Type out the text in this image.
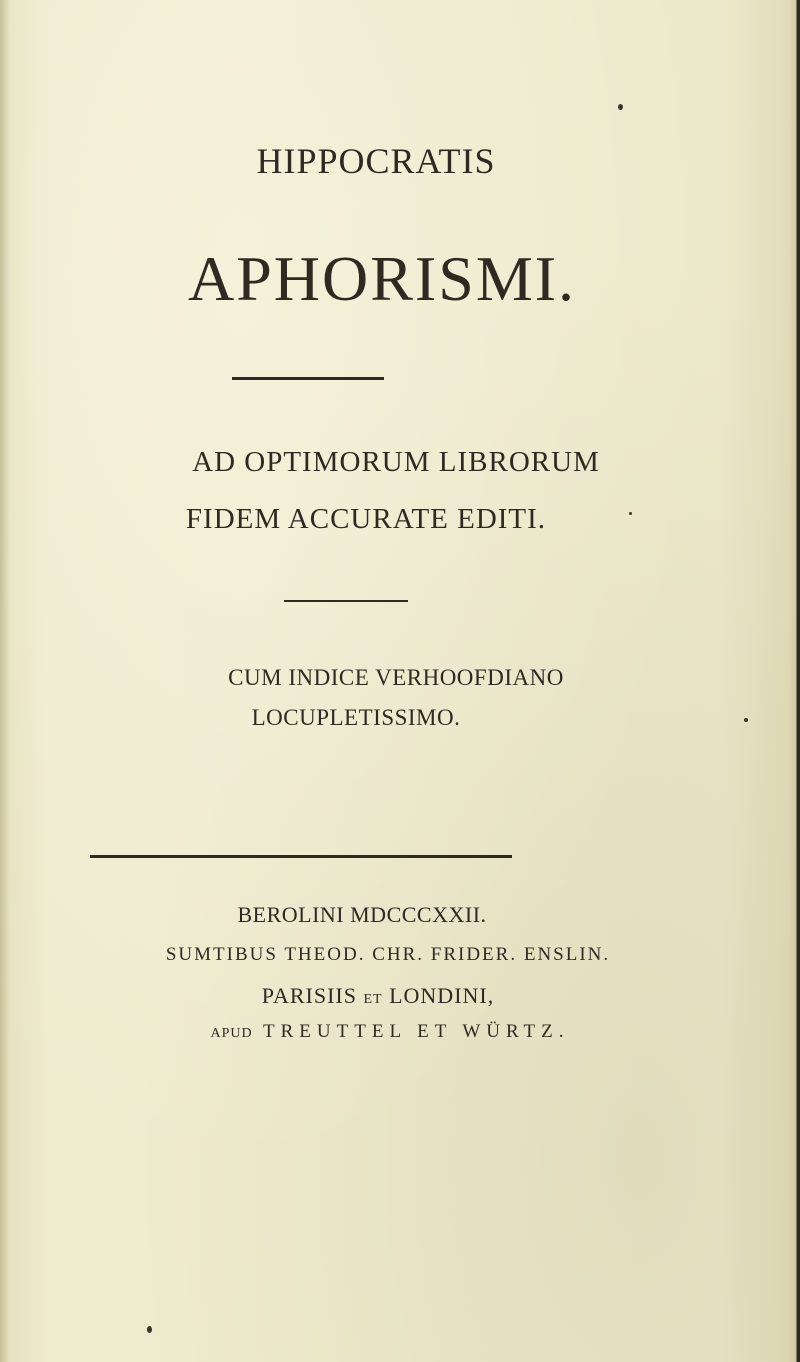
HIPPOCRATIS
APHORISMI.
AD OPTIMORUM LIBRORUM
FIDEM ACCURATE EDITI.
CUM INDICE VERHOOFDIANO
LOCUPLETISSIMO.
BEROLINI MDCCCXXII.
SUMTIBUS THEOD. CHR. FRIDER. ENSLIN.
PARISIIS ET LONDINI,
APUD TREUTTEL ET WÜRTZ.
